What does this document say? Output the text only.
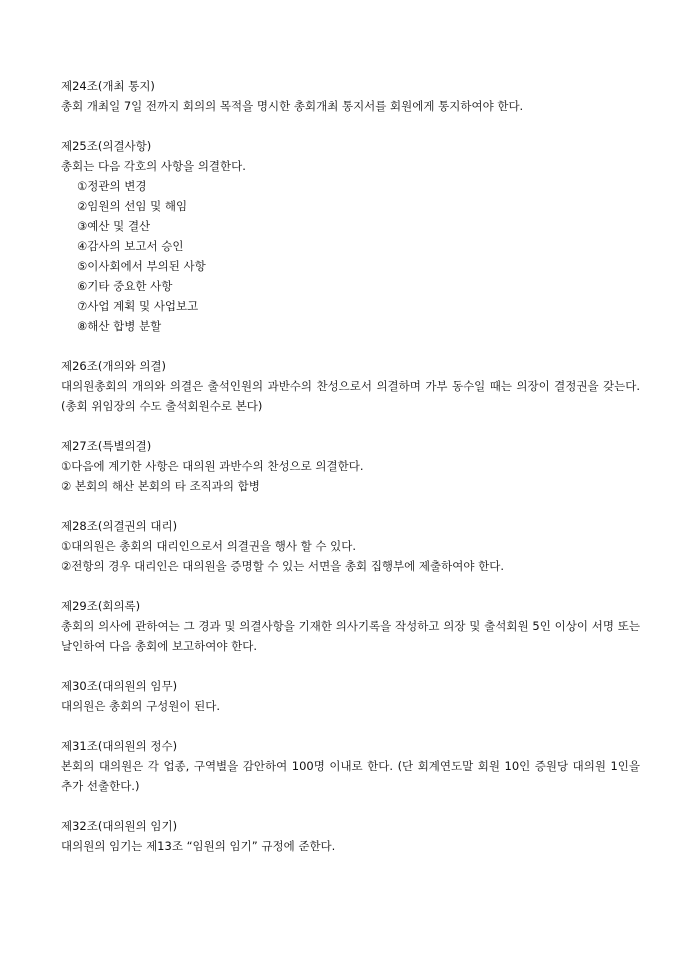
제24조(개최 통지)

총회 개최일 7일 전까지 회의의 목적을 명시한 총회개최 통지서를 회원에게 통지하여야 한다.

제25조(의결사항)

총회는 다음 각호의 사항을 의결한다.

①정관의 변경

②임원의 선임 및 해임

③예산 및 결산

④감사의 보고서 승인

⑤이사회에서 부의된 사항

⑥기타 중요한 사항

⑦사업 계획 및 사업보고

⑧해산 합병 분할

제26조(개의와 의결)

대의원총회의 개의와 의결은 출석인원의 과반수의 찬성으로서 의결하며 가부 동수일 때는 의장이 결정권을 갖는다.(총회 위임장의 수도 출석회원수로 본다)

제27조(특별의결)

①다음에 계기한 사항은 대의원 과반수의 찬성으로 의결한다.

② 본회의 해산 본회의 타 조직과의 합병

제28조(의결권의 대리)

①대의원은 총회의 대리인으로서 의결권을 행사 할 수 있다.

②전항의 경우 대리인은 대의원을 증명할 수 있는 서면을 총회 집행부에 제출하여야 한다.

제29조(회의록)

총회의 의사에 관하여는 그 경과 및 의결사항을 기재한 의사기록을 작성하고 의장 및 출석회원 5인 이상이 서명 또는 날인하여 다음 총회에 보고하여야 한다.

제30조(대의원의 임무)

대의원은 총회의 구성원이 된다.

제31조(대의원의 정수)

본회의 대의원은 각 업종, 구역별을 감안하여 100명 이내로 한다. (단 회계연도말 회원 10인 증원당 대의원 1인을 추가 선출한다.)

제32조(대의원의 임기)

대의원의 임기는 제13조 “임원의 임기” 규정에 준한다.
